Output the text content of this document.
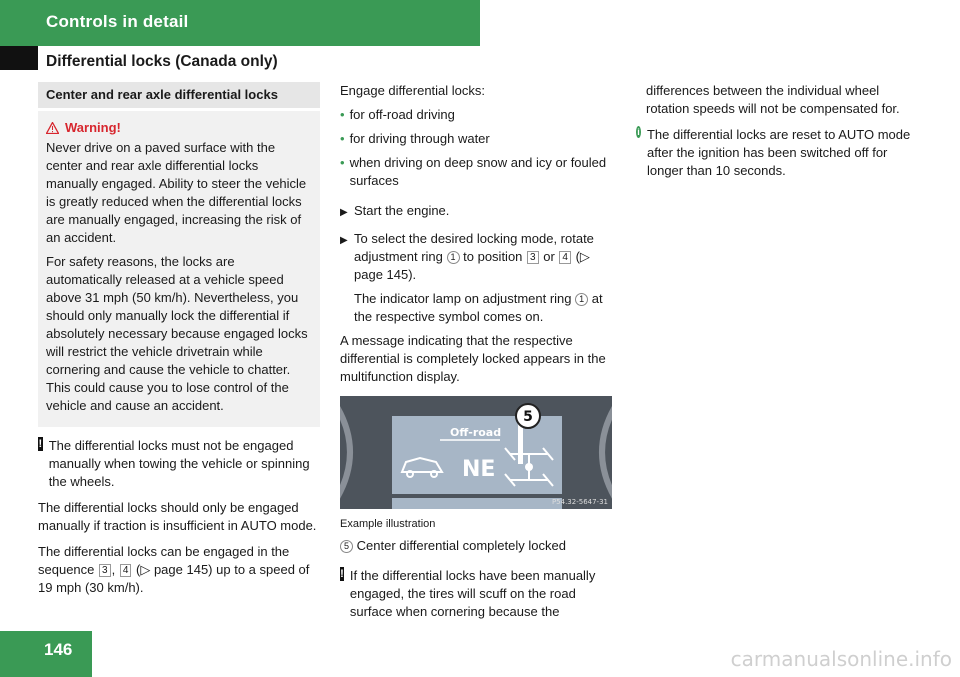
Controls in detail
Differential locks (Canada only)
Center and rear axle differential locks
Warning!

Never drive on a paved surface with the center and rear axle differential locks manually engaged. Ability to steer the vehicle is greatly reduced when the differential locks are manually engaged, increasing the risk of an accident.

For safety reasons, the locks are automatically released at a vehicle speed above 31 mph (50 km/h). Nevertheless, you should only manually lock the differential if absolutely necessary because engaged locks will restrict the vehicle drivetrain while cornering and cause the vehicle to chatter. This could cause you to lose control of the vehicle and cause an accident.

! The differential locks must not be engaged manually when towing the vehicle or spinning the wheels.
The differential locks should only be engaged manually if traction is insufficient in AUTO mode.
The differential locks can be engaged in the sequence 3 , 4 (▷ page 145) up to a speed of 19 mph (30 km/h).
Engage differential locks:
• for off-road driving
• for driving through water
• when driving on deep snow and icy or fouled surfaces
▶ Start the engine.
▶ To select the desired locking mode, rotate adjustment ring 1 to position 3 or 4 (▷ page 145).
The indicator lamp on adjustment ring 1 at the respective symbol comes on.
A message indicating that the respective differential is completely locked appears in the multifunction display.
5
Off-road
NE
P54.32-5647-31
Example illustration
5 Center differential completely locked
! If the differential locks have been manually engaged, the tires will scuff on the road surface when cornering because the
differences between the individual wheel rotation speeds will not be compensated for.
i The differential locks are reset to AUTO mode after the ignition has been switched off for longer than 10 seconds.
146	carmanualsonline.info
